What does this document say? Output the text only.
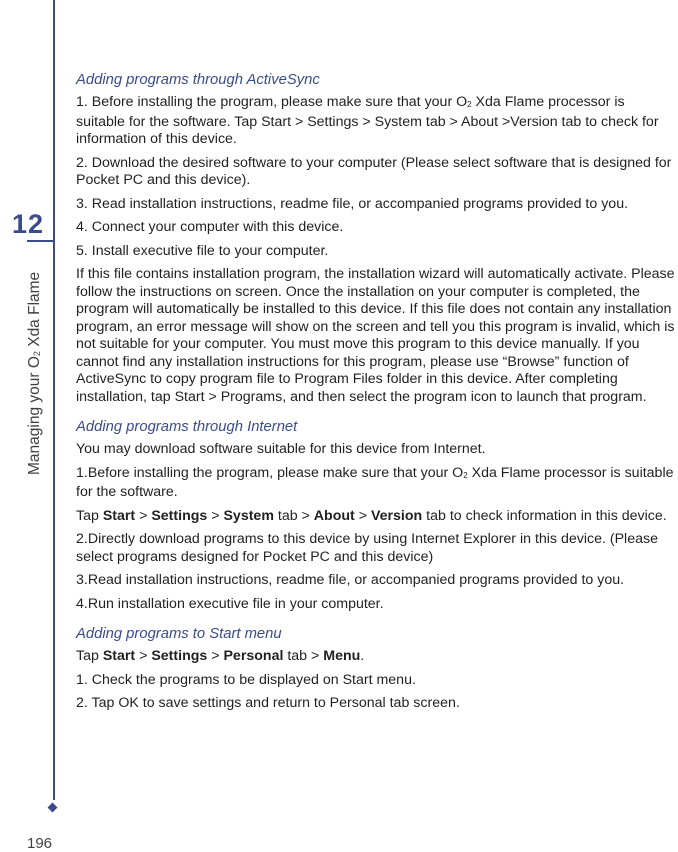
12
Managing your $O_2$ Xda Flame
196
Adding programs through ActiveSync

1. Before installing the program, please make sure that your $O_2$ Xda Flame processor is suitable for the software. Tap Start > Settings > System tab > About >Version tab to check for information of this device.

2. Download the desired software to your computer (Please select software that is designed for Pocket PC and this device).

3. Read installation instructions, readme file, or accompanied programs provided to you.

4. Connect your computer with this device.

5. Install executive file to your computer.

If this file contains installation program, the installation wizard will automatically activate. Please follow the instructions on screen. Once the installation on your computer is completed, the program will automatically be installed to this device. If this file does not contain any installation program, an error message will show on the screen and tell you this program is invalid, which is not suitable for your computer. You must move this program to this device manually. If you cannot find any installation instructions for this program, please use “Browse” function of ActiveSync to copy program file to Program Files folder in this device. After completing installation, tap Start > Programs, and then select the program icon to launch that program.

Adding programs through Internet

You may download software suitable for this device from Internet.

1.Before installing the program, please make sure that your $O_2$ Xda Flame processor is suitable for the software.

Tap Start > Settings > System tab > About > Version tab to check information in this device.

2.Directly download programs to this device by using Internet Explorer in this device. (Please select programs designed for Pocket PC and this device)

3.Read installation instructions, readme file, or accompanied programs provided to you.

4.Run installation executive file in your computer.

Adding programs to Start menu

Tap Start > Settings > Personal tab > Menu.

1. Check the programs to be displayed on Start menu.

2. Tap OK to save settings and return to Personal tab screen.
